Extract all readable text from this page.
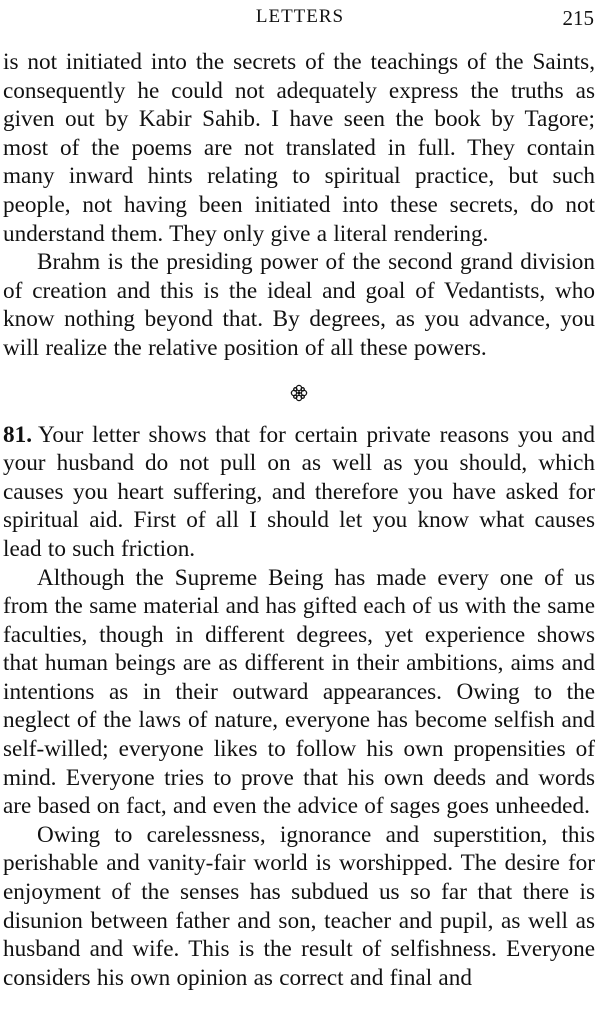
LETTERS	215

is not initiated into the secrets of the teachings of the Saints, consequently he could not adequately express the truths as given out by Kabir Sahib. I have seen the book by Tagore; most of the poems are not translated in full. They contain many inward hints relating to spiritual practice, but such people, not having been initiated into these secrets, do not understand them. They only give a literal rendering.

Brahm is the presiding power of the second grand division of creation and this is the ideal and goal of Vedantists, who know nothing beyond that. By degrees, as you advance, you will realize the relative position of all these powers.

81. Your letter shows that for certain private reasons you and your husband do not pull on as well as you should, which causes you heart suffering, and therefore you have asked for spiritual aid. First of all I should let you know what causes lead to such friction.

Although the Supreme Being has made every one of us from the same material and has gifted each of us with the same faculties, though in different degrees, yet experience shows that human beings are as different in their ambitions, aims and intentions as in their outward appearances. Owing to the neglect of the laws of nature, everyone has become selfish and self-willed; everyone likes to follow his own propensities of mind. Everyone tries to prove that his own deeds and words are based on fact, and even the advice of sages goes unheeded.

Owing to carelessness, ignorance and superstition, this perishable and vanity-fair world is worshipped. The desire for enjoyment of the senses has subdued us so far that there is disunion between father and son, teacher and pupil, as well as husband and wife. This is the result of selfishness. Everyone considers his own opinion as correct and final and
